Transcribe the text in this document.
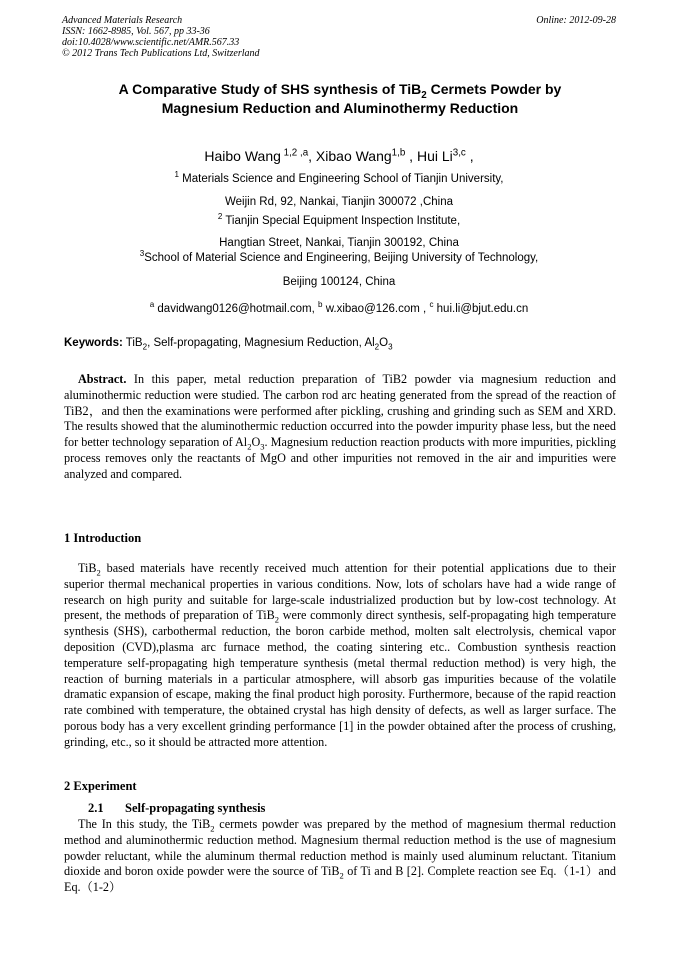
Advanced Materials Research
ISSN: 1662-8985, Vol. 567, pp 33-36
doi:10.4028/www.scientific.net/AMR.567.33
© 2012 Trans Tech Publications Ltd, Switzerland
Online: 2012-09-28
A Comparative Study of SHS synthesis of TiB$_2$ Cermets Powder by
Magnesium Reduction and Aluminothermy Reduction
Haibo Wang $^{1,2 ,a}$, Xibao Wang$^{1,b}$ , Hui Li$^{3,c}$ ,
$^1$ Materials Science and Engineering School of Tianjin University,
Weijin Rd, 92, Nankai, Tianjin 300072 ,China
$^2$ Tianjin Special Equipment Inspection Institute,
Hangtian Street, Nankai, Tianjin 300192, China
$^3$School of Material Science and Engineering, Beijing University of Technology,
Beijing 100124, China
$^a$ davidwang0126@hotmail.com, $^b$ w.xibao@126.com , $^c$ hui.li@bjut.edu.cn
Keywords: TiB$_2$, Self-propagating, Magnesium Reduction, $Al_2O_3$
Abstract. In this paper, metal reduction preparation of TiB2 powder via magnesium reduction and aluminothermic reduction were studied. The carbon rod arc heating generated from the spread of the reaction of TiB2，and then the examinations were performed after pickling, crushing and grinding such as SEM and XRD. The results showed that the aluminothermic reduction occurred into the powder impurity phase less, but the need for better technology separation of $Al_2O_3$. Magnesium reduction reaction products with more impurities, pickling process removes only the reactants of MgO and other impurities not removed in the air and impurities were analyzed and compared.
1 Introduction
TiB$_2$ based materials have recently received much attention for their potential applications due to their superior thermal mechanical properties in various conditions. Now, lots of scholars have had a wide range of research on high purity and suitable for large-scale industrialized production but by low-cost technology. At present, the methods of preparation of TiB$_2$ were commonly direct synthesis, self-propagating high temperature synthesis (SHS), carbothermal reduction, the boron carbide method, molten salt electrolysis, chemical vapor deposition (CVD),plasma arc furnace method, the coating sintering etc.. Combustion synthesis reaction temperature self-propagating high temperature synthesis (metal thermal reduction method) is very high, the reaction of burning materials in a particular atmosphere, will absorb gas impurities because of the volatile dramatic expansion of escape, making the final product high porosity. Furthermore, because of the rapid reaction rate combined with temperature, the obtained crystal has high density of defects, as well as larger surface. The porous body has a very excellent grinding performance [1] in the powder obtained after the process of crushing, grinding, etc., so it should be attracted more attention.
2 Experiment
2.1 Self-propagating synthesis
The In this study, the TiB$_2$ cermets powder was prepared by the method of magnesium thermal reduction method and aluminothermic reduction method. Magnesium thermal reduction method is the use of magnesium powder reluctant, while the aluminum thermal reduction method is mainly used aluminum reluctant. Titanium dioxide and boron oxide powder were the source of TiB$_2$ of Ti and B [2]. Complete reaction see Eq.（1-1）and Eq.（1-2）
